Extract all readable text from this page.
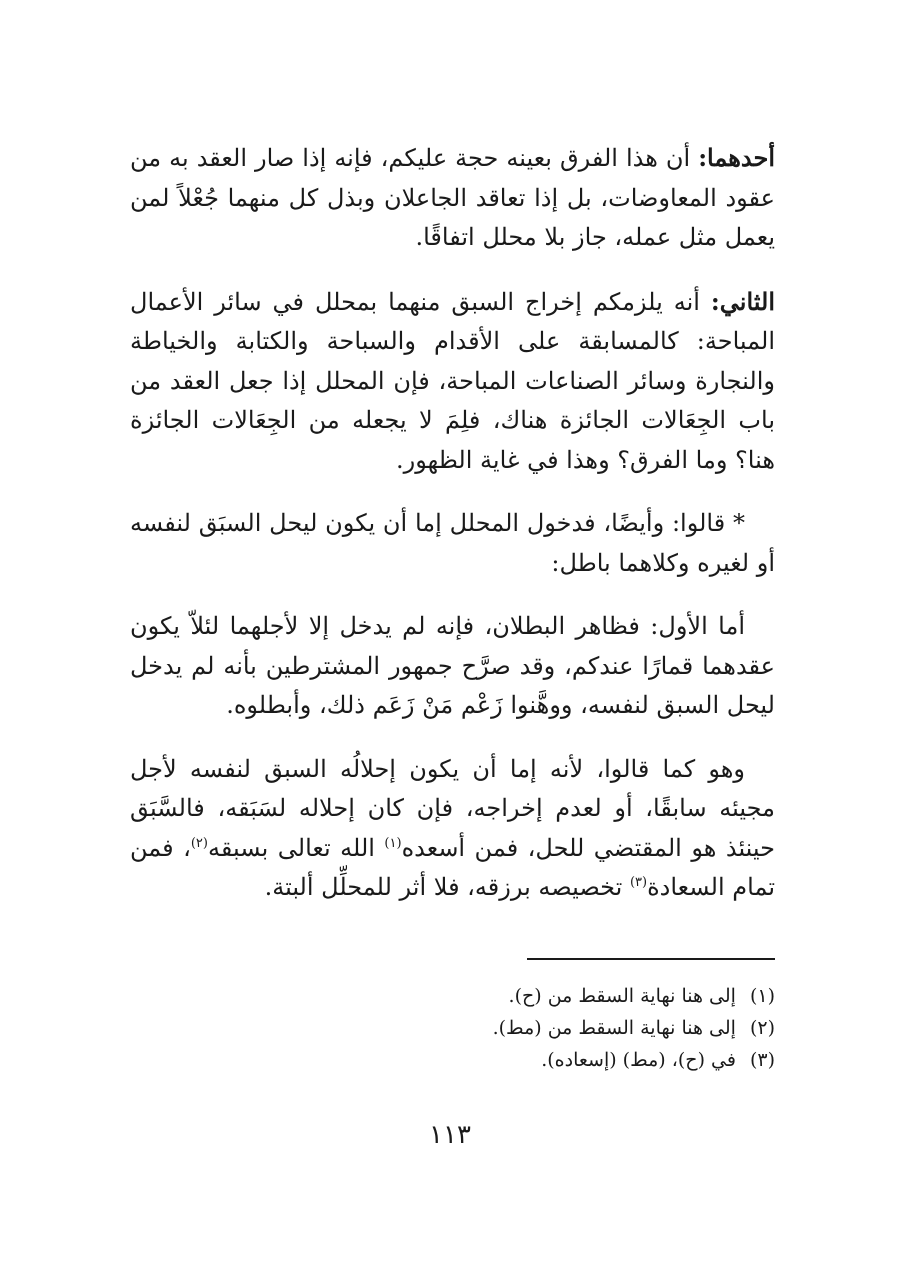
أحدهما: أن هذا الفرق بعينه حجة عليكم، فإنه إذا صار العقد به من عقود المعاوضات، بل إذا تعاقد الجاعلان وبذل كل منهما جُعْلاً لمن يعمل مثل عمله، جاز بلا محلل اتفاقًا.

الثاني: أنه يلزمكم إخراج السبق منهما بمحلل في سائر الأعمال المباحة: كالمسابقة على الأقدام والسباحة والكتابة والخياطة والنجارة وسائر الصناعات المباحة، فإن المحلل إذا جعل العقد من باب الجِعَالات الجائزة هناك، فلِمَ لا يجعله من الجِعَالات الجائزة هنا؟ وما الفرق؟ وهذا في غاية الظهور.

* قالوا: وأيضًا، فدخول المحلل إما أن يكون ليحل السبَق لنفسه أو لغيره وكلاهما باطل:

أما الأول: فظاهر البطلان، فإنه لم يدخل إلا لأجلهما لئلاّ يكون عقدهما قمارًا عندكم، وقد صرَّح جمهور المشترطين بأنه لم يدخل ليحل السبق لنفسه، ووهَّنوا زَعْم مَنْ زَعَم ذلك، وأبطلوه.

وهو كما قالوا، لأنه إما أن يكون إحلالُه السبق لنفسه لأجل مجيئه سابقًا، أو لعدم إخراجه، فإن كان إحلاله لسَبَقه، فالسَّبَق حينئذ هو المقتضي للحل، فمن أسعده$^{(١)}$ الله تعالى بسبقه$^{(٢)}$، فمن تمام السعادة$^{(٣)}$ تخصيصه برزقه، فلا أثر للمحلِّل ألبتة.

(١)إلى هنا نهاية السقط من (ح).

(٢)إلى هنا نهاية السقط من (مط).

(٣)في (ح)، (مط) (إسعاده).

١١٣
